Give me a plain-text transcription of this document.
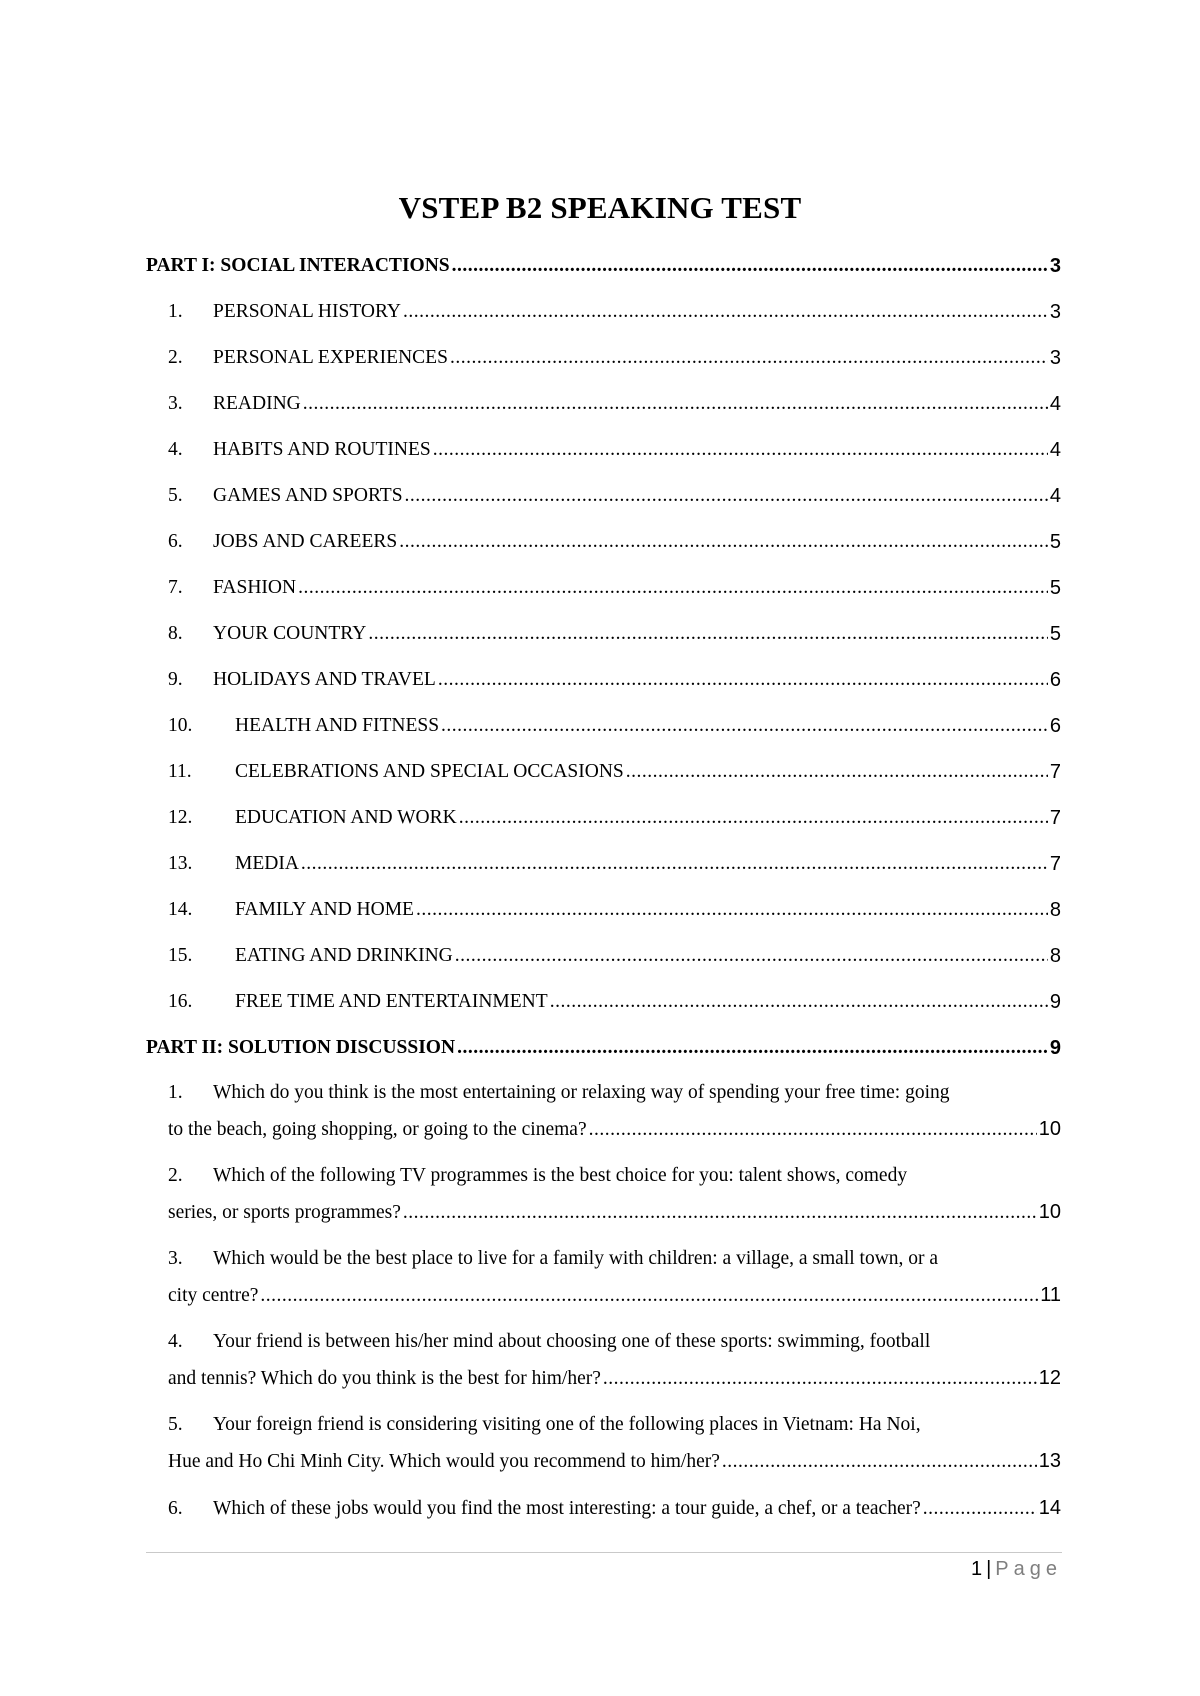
VSTEP B2 SPEAKING TEST
PART I: SOCIAL INTERACTIONS .....	3
1.	PERSONAL HISTORY .....	3
2.	PERSONAL EXPERIENCES .....	3
3.	READING .....	4
4.	HABITS AND ROUTINES .....	4
5.	GAMES AND SPORTS .....	4
6.	JOBS AND CAREERS .....	5
7.	FASHION .....	5
8.	YOUR COUNTRY .....	5
9.	HOLIDAYS AND TRAVEL .....	6
10.	HEALTH AND FITNESS .....	6
11.	CELEBRATIONS AND SPECIAL OCCASIONS .....	7
12.	EDUCATION AND WORK .....	7
13.	MEDIA .....	7
14.	FAMILY AND HOME .....	8
15.	EATING AND DRINKING .....	8
16.	FREE TIME AND ENTERTAINMENT .....	9
PART II: SOLUTION DISCUSSION .....	9
1. Which do you think is the most entertaining or relaxing way of spending your free time: going
to the beach, going shopping, or going to the cinema? .....	10
2. Which of the following TV programmes is the best choice for you: talent shows, comedy
series, or sports programmes? .....	10
3. Which would be the best place to live for a family with children: a village, a small town, or a
city centre? .....	11
4. Your friend is between his/her mind about choosing one of these sports: swimming, football
and tennis? Which do you think is the best for him/her? .....	12
5. Your foreign friend is considering visiting one of the following places in Vietnam: Ha Noi,
Hue and Ho Chi Minh City. Which would you recommend to him/her? .....	13
6.	Which of these jobs would you find the most interesting: a tour guide, a chef, or a teacher? .....	14
1 | Page
